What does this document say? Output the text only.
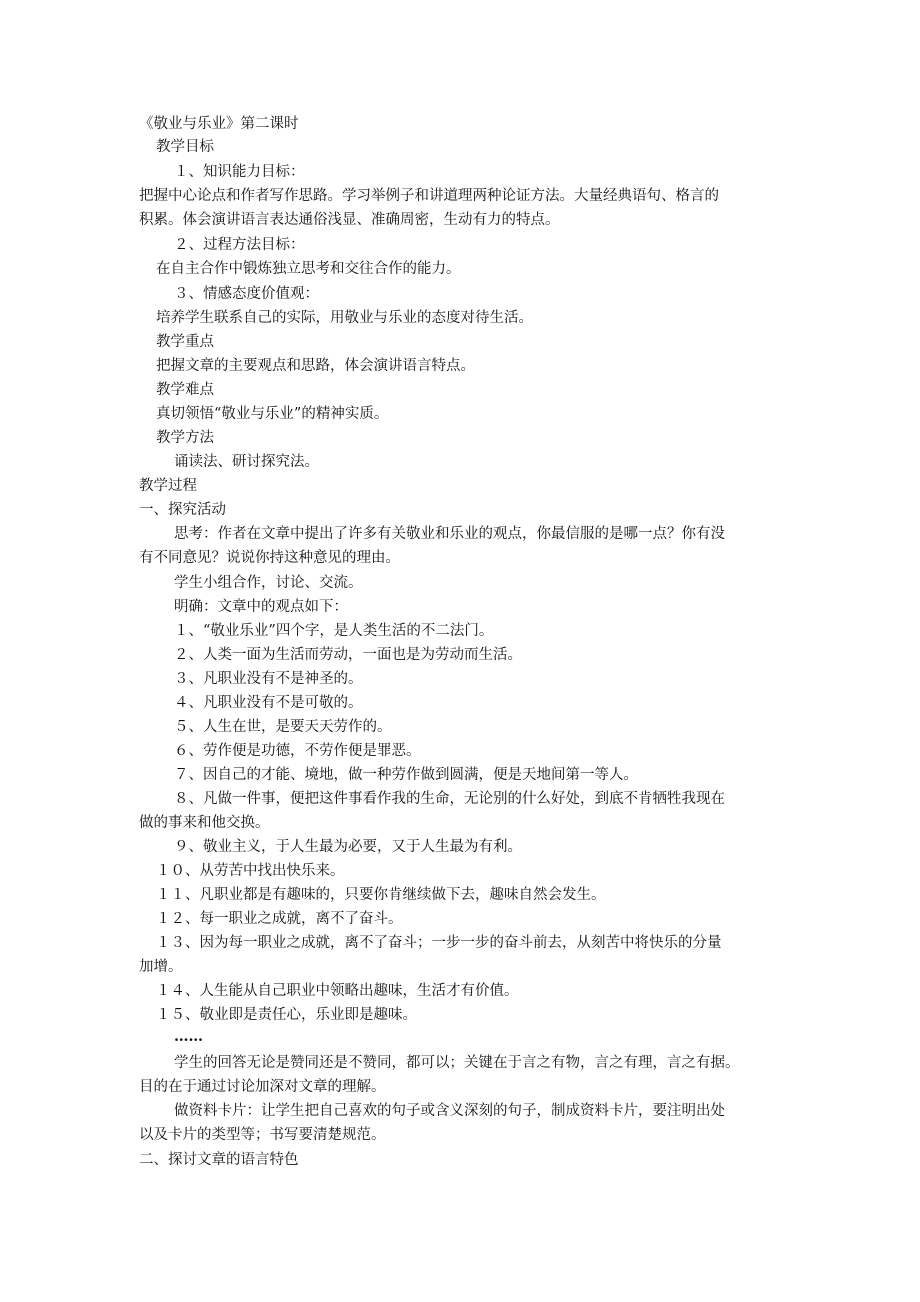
《敬业与乐业》第二课时

教学目标

１、知识能力目标：

把握中心论点和作者写作思路。学习举例子和讲道理两种论证方法。大量经典语句、格言的

积累。体会演讲语言表达通俗浅显、准确周密，生动有力的特点。

２、过程方法目标：

在自主合作中锻炼独立思考和交往合作的能力。

３、情感态度价值观：

培养学生联系自己的实际，用敬业与乐业的态度对待生活。

教学重点

把握文章的主要观点和思路，体会演讲语言特点。

教学难点

真切领悟“敬业与乐业”的精神实质。

教学方法

诵读法、研讨探究法。

教学过程

一、探究活动

思考：作者在文章中提出了许多有关敬业和乐业的观点，你最信服的是哪一点？你有没

有不同意见？说说你持这种意见的理由。

学生小组合作，讨论、交流。

明确：文章中的观点如下：

１、“敬业乐业”四个字，是人类生活的不二法门。

２、人类一面为生活而劳动，一面也是为劳动而生活。

３、凡职业没有不是神圣的。

４、凡职业没有不是可敬的。

５、人生在世，是要天天劳作的。

６、劳作便是功德，不劳作便是罪恶。

７、因自己的才能、境地，做一种劳作做到圆满，便是天地间第一等人。

８、凡做一件事，便把这件事看作我的生命，无论别的什么好处，到底不肯牺牲我现在

做的事来和他交换。

９、敬业主义，于人生最为必要，又于人生最为有利。

１０、从劳苦中找出快乐来。

１１、凡职业都是有趣味的，只要你肯继续做下去，趣味自然会发生。

１２、每一职业之成就，离不了奋斗。

１３、因为每一职业之成就，离不了奋斗；一步一步的奋斗前去，从刻苦中将快乐的分量

加增。

１４、人生能从自己职业中领略出趣味，生活才有价值。

１５、敬业即是责任心，乐业即是趣味。

……

学生的回答无论是赞同还是不赞同，都可以；关键在于言之有物，言之有理，言之有据。

目的在于通过讨论加深对文章的理解。

做资料卡片：让学生把自己喜欢的句子或含义深刻的句子，制成资料卡片，要注明出处

以及卡片的类型等；书写要清楚规范。

二、探讨文章的语言特色
